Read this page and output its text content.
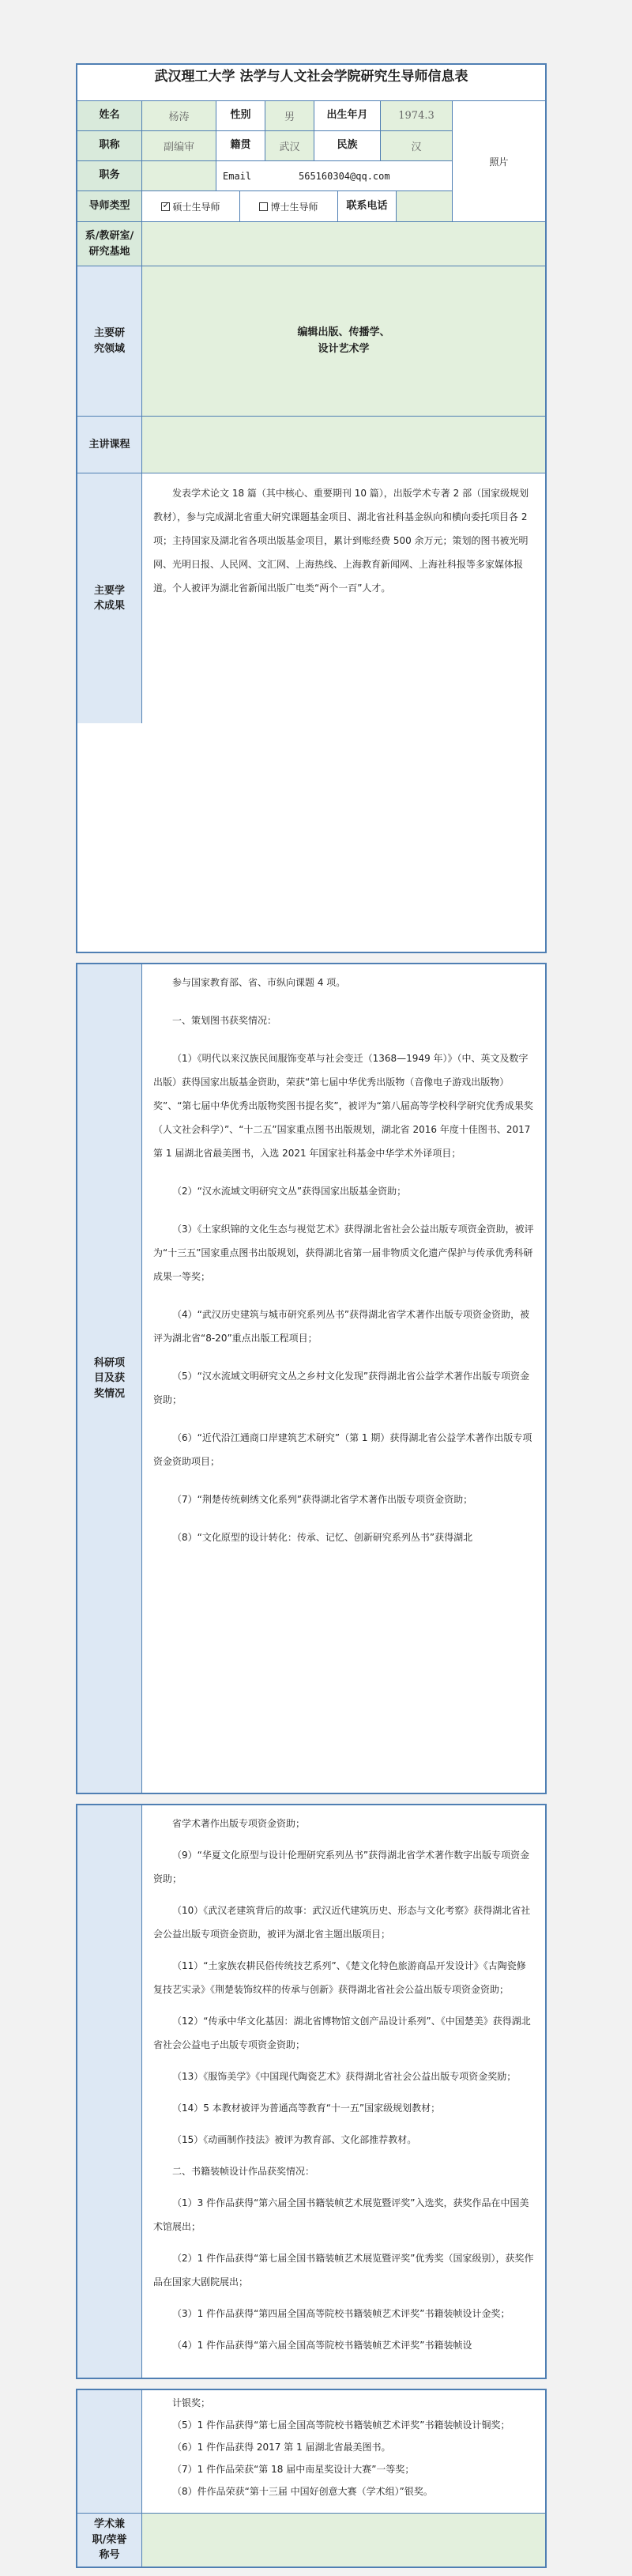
武汉理工大学 法学与人文社会学院研究生导师信息表
姓名	杨涛	性别	男	出生年月	1974.3
职称	副编审	籍贯	武汉	民族	汉
职务	Email	565160304@qq.com
导师类型
✓	硕士生导师	博士生导师	联系电话
照片
系/教研室/研究基地
主要研究领域
编辑出版、传播学、
设计艺术学
主讲课程
主要学术成果

发表学术论文 18 篇（其中核心、重要期刊 10 篇），出版学术专著 2 部（国家级规划教材），参与完成湖北省重大研究课题基金项目、湖北省社科基金纵向和横向委托项目各 2 项；主持国家及湖北省各项出版基金项目，累计到账经费 500 余万元；策划的图书被光明网、光明日报、人民网、文汇网、上海热线、上海教育新闻网、上海社科报等多家媒体报道。个人被评为湖北省新闻出版广电类“两个一百”人才。

科研项目及获奖情况

参与国家教育部、省、市纵向课题 4 项。

一、策划图书获奖情况：

（1）《明代以来汉族民间服饰变革与社会变迁（1368—1949 年）》（中、英文及数字出版）获得国家出版基金资助，荣获“第七届中华优秀出版物（音像电子游戏出版物）奖”、“第七届中华优秀出版物奖图书提名奖”，被评为“第八届高等学校科学研究优秀成果奖（人文社会科学）”、“十二五”国家重点图书出版规划，湖北省 2016 年度十佳图书、2017 第 1 届湖北省最美图书，入选 2021 年国家社科基金中华学术外译项目；

（2）“汉水流域文明研究文丛”获得国家出版基金资助；

（3）《土家织锦的文化生态与视觉艺术》获得湖北省社会公益出版专项资金资助，被评为“十三五”国家重点图书出版规划，获得湖北省第一届非物质文化遗产保护与传承优秀科研成果一等奖；

（4）“武汉历史建筑与城市研究系列丛书”获得湖北省学术著作出版专项资金资助，被评为湖北省“8-20”重点出版工程项目；

（5）“汉水流域文明研究文丛之乡村文化发现”获得湖北省公益学术著作出版专项资金资助；

（6）“近代沿江通商口岸建筑艺术研究”（第 1 期）获得湖北省公益学术著作出版专项资金资助项目；

（7）“荆楚传统刺绣文化系列”获得湖北省学术著作出版专项资金资助；

（8）“文化原型的设计转化：传承、记忆、创新研究系列丛书”获得湖北

省学术著作出版专项资金资助；

（9）“华夏文化原型与设计伦理研究系列丛书”获得湖北省学术著作数字出版专项资金资助；

（10）《武汉老建筑背后的故事：武汉近代建筑历史、形态与文化考察》获得湖北省社会公益出版专项资金资助，被评为湖北省主题出版项目；

（11）“土家族农耕民俗传统技艺系列”、《楚文化特色旅游商品开发设计》《古陶瓷修复技艺实录》《荆楚装饰纹样的传承与创新》获得湖北省社会公益出版专项资金资助；

（12）“传承中华文化基因：湖北省博物馆文创产品设计系列”、《中国楚美》获得湖北省社会公益电子出版专项资金资助；

（13）《服饰美学》《中国现代陶瓷艺术》获得湖北省社会公益出版专项资金奖励；

（14）5 本教材被评为普通高等教育“十一五”国家级规划教材；

（15）《动画制作技法》被评为教育部、文化部推荐教材。

二、书籍装帧设计作品获奖情况：

（1）3 件作品获得“第六届全国书籍装帧艺术展览暨评奖”入选奖，获奖作品在中国美术馆展出；

（2）1 件作品获得“第七届全国书籍装帧艺术展览暨评奖”优秀奖（国家级别），获奖作品在国家大剧院展出；

（3）1 件作品获得“第四届全国高等院校书籍装帧艺术评奖”书籍装帧设计金奖；

（4）1 件作品获得“第六届全国高等院校书籍装帧艺术评奖”书籍装帧设

计银奖；

（5）1 件作品获得“第七届全国高等院校书籍装帧艺术评奖”书籍装帧设计铜奖；

（6）1 件作品获得 2017 第 1 届湖北省最美图书。

（7）1 件作品荣获“第 18 届中南星奖设计大赛”一等奖；

（8）件作品荣获“第十三届 中国好创意大赛（学术组）”银奖。

学术兼职/荣誉称号
